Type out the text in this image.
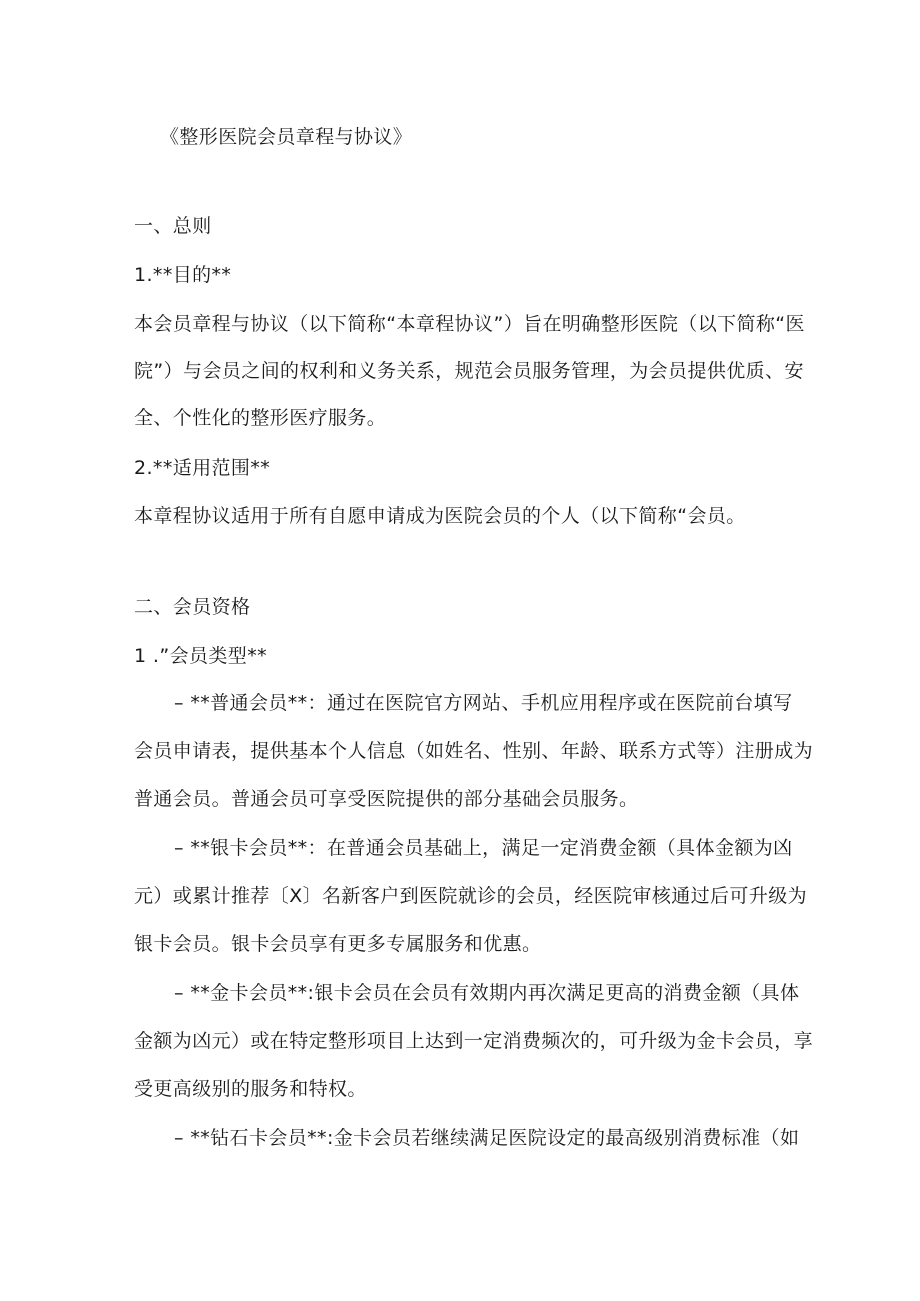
《整形医院会员章程与协议》
一、总则
1.**目的**
本会员章程与协议（以下简称“本章程协议”）旨在明确整形医院（以下简称“医
院”）与会员之间的权利和义务关系，规范会员服务管理，为会员提供优质、安
全、个性化的整形医疗服务。
2.**适用范围**
本章程协议适用于所有自愿申请成为医院会员的个人（以下简称“会员。
二、会员资格
1 .”会员类型**
– **普通会员**：通过在医院官方网站、手机应用程序或在医院前台填写
会员申请表，提供基本个人信息（如姓名、性别、年龄、联系方式等）注册成为
普通会员。普通会员可享受医院提供的部分基础会员服务。
– **银卡会员**：在普通会员基础上，满足一定消费金额（具体金额为凶
元）或累计推荐〔X〕名新客户到医院就诊的会员，经医院审核通过后可升级为
银卡会员。银卡会员享有更多专属服务和优惠。
– **金卡会员**:银卡会员在会员有效期内再次满足更高的消费金额（具体
金额为凶元）或在特定整形项目上达到一定消费频次的，可升级为金卡会员，享
受更高级别的服务和特权。
– **钻石卡会员**:金卡会员若继续满足医院设定的最高级别消费标准（如
